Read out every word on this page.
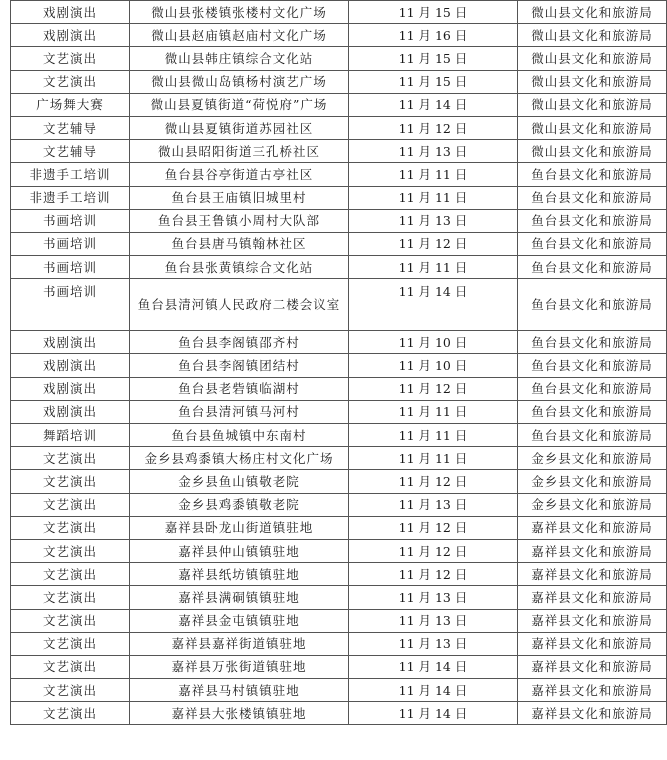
戏剧演出	微山县张楼镇张楼村文化广场	11 月 15 日	微山县文化和旅游局
戏剧演出	微山县赵庙镇赵庙村文化广场	11 月 16 日	微山县文化和旅游局
文艺演出	微山县韩庄镇综合文化站	11 月 15 日	微山县文化和旅游局
文艺演出	微山县微山岛镇杨村演艺广场	11 月 15 日	微山县文化和旅游局
广场舞大赛	微山县夏镇街道“荷悦府”广场	11 月 14 日	微山县文化和旅游局
文艺辅导	微山县夏镇街道苏园社区	11 月 12 日	微山县文化和旅游局
文艺辅导	微山县昭阳街道三孔桥社区	11 月 13 日	微山县文化和旅游局
非遗手工培训	鱼台县谷亭街道古亭社区	11 月 11 日	鱼台县文化和旅游局
非遗手工培训	鱼台县王庙镇旧城里村	11 月 11 日	鱼台县文化和旅游局
书画培训	鱼台县王鲁镇小周村大队部	11 月 13 日	鱼台县文化和旅游局
书画培训	鱼台县唐马镇翰林社区	11 月 12 日	鱼台县文化和旅游局
书画培训	鱼台县张黄镇综合文化站	11 月 11 日	鱼台县文化和旅游局
书画培训	鱼台县清河镇人民政府二楼会议室	11 月 14 日	鱼台县文化和旅游局
戏剧演出	鱼台县李阁镇邵齐村	11 月 10 日	鱼台县文化和旅游局
戏剧演出	鱼台县李阁镇团结村	11 月 10 日	鱼台县文化和旅游局
戏剧演出	鱼台县老砦镇临湖村	11 月 12 日	鱼台县文化和旅游局
戏剧演出	鱼台县清河镇马河村	11 月 11 日	鱼台县文化和旅游局
舞蹈培训	鱼台县鱼城镇中东南村	11 月 11 日	鱼台县文化和旅游局
文艺演出	金乡县鸡黍镇大杨庄村文化广场	11 月 11 日	金乡县文化和旅游局
文艺演出	金乡县鱼山镇敬老院	11 月 12 日	金乡县文化和旅游局
文艺演出	金乡县鸡黍镇敬老院	11 月 13 日	金乡县文化和旅游局
文艺演出	嘉祥县卧龙山街道镇驻地	11 月 12 日	嘉祥县文化和旅游局
文艺演出	嘉祥县仲山镇镇驻地	11 月 12 日	嘉祥县文化和旅游局
文艺演出	嘉祥县纸坊镇镇驻地	11 月 12 日	嘉祥县文化和旅游局
文艺演出	嘉祥县满硐镇镇驻地	11 月 13 日	嘉祥县文化和旅游局
文艺演出	嘉祥县金屯镇镇驻地	11 月 13 日	嘉祥县文化和旅游局
文艺演出	嘉祥县嘉祥街道镇驻地	11 月 13 日	嘉祥县文化和旅游局
文艺演出	嘉祥县万张街道镇驻地	11 月 14 日	嘉祥县文化和旅游局
文艺演出	嘉祥县马村镇镇驻地	11 月 14 日	嘉祥县文化和旅游局
文艺演出	嘉祥县大张楼镇镇驻地	11 月 14 日	嘉祥县文化和旅游局
